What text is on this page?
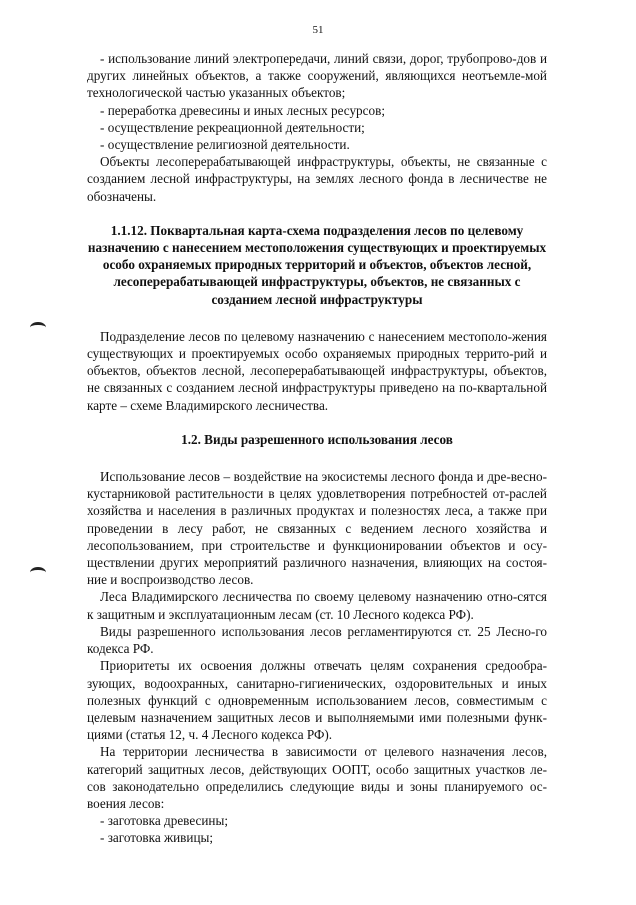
51

- использование линий электропередачи, линий связи, дорог, трубопрово-дов и других линейных объектов, а также сооружений, являющихся неотъемле-мой технологической частью указанных объектов;

- переработка древесины и иных лесных ресурсов;

- осуществление рекреационной деятельности;

- осуществление религиозной деятельности.

Объекты лесоперерабатывающей инфраструктуры, объекты, не связанные с созданием лесной инфраструктуры, на землях лесного фонда в лесничестве не обозначены.

1.1.12. Поквартальная карта-схема подразделения лесов по целевому назначению с нанесением местоположения существующих и проектируемых особо охраняемых природных территорий и объектов, объектов лесной, лесоперерабатывающей инфраструктуры, объектов, не связанных с созданием лесной инфраструктуры

Подразделение лесов по целевому назначению с нанесением местополо-жения существующих и проектируемых особо охраняемых природных террито-рий и объектов, объектов лесной, лесоперерабатывающей инфраструктуры, объектов, не связанных с созданием лесной инфраструктуры приведено на по-квартальной карте – схеме Владимирского лесничества.

1.2. Виды разрешенного использования лесов

Использование лесов – воздействие на экосистемы лесного фонда и дре-весно-кустарниковой растительности в целях удовлетворения потребностей от-раслей хозяйства и населения в различных продуктах и полезностях леса, а также при проведении в лесу работ, не связанных с ведением лесного хозяйства и лесопользованием, при строительстве и функционировании объектов и осу-ществлении других мероприятий различного назначения, влияющих на состоя-ние и воспроизводство лесов.

Леса Владимирского лесничества по своему целевому назначению отно-сятся к защитным и эксплуатационным лесам (ст. 10 Лесного кодекса РФ).

Виды разрешенного использования лесов регламентируются ст. 25 Лесно-го кодекса РФ.

Приоритеты их освоения должны отвечать целям сохранения средообра-зующих, водоохранных, санитарно-гигиенических, оздоровительных и иных полезных функций с одновременным использованием лесов, совместимым с целевым назначением защитных лесов и выполняемыми ими полезными функ-циями (статья 12, ч. 4 Лесного кодекса РФ).

На территории лесничества в зависимости от целевого назначения лесов, категорий защитных лесов, действующих ООПТ, особо защитных участков ле-сов законодательно определились следующие виды и зоны планируемого ос-воения лесов:

- заготовка древесины;

- заготовка живицы;
